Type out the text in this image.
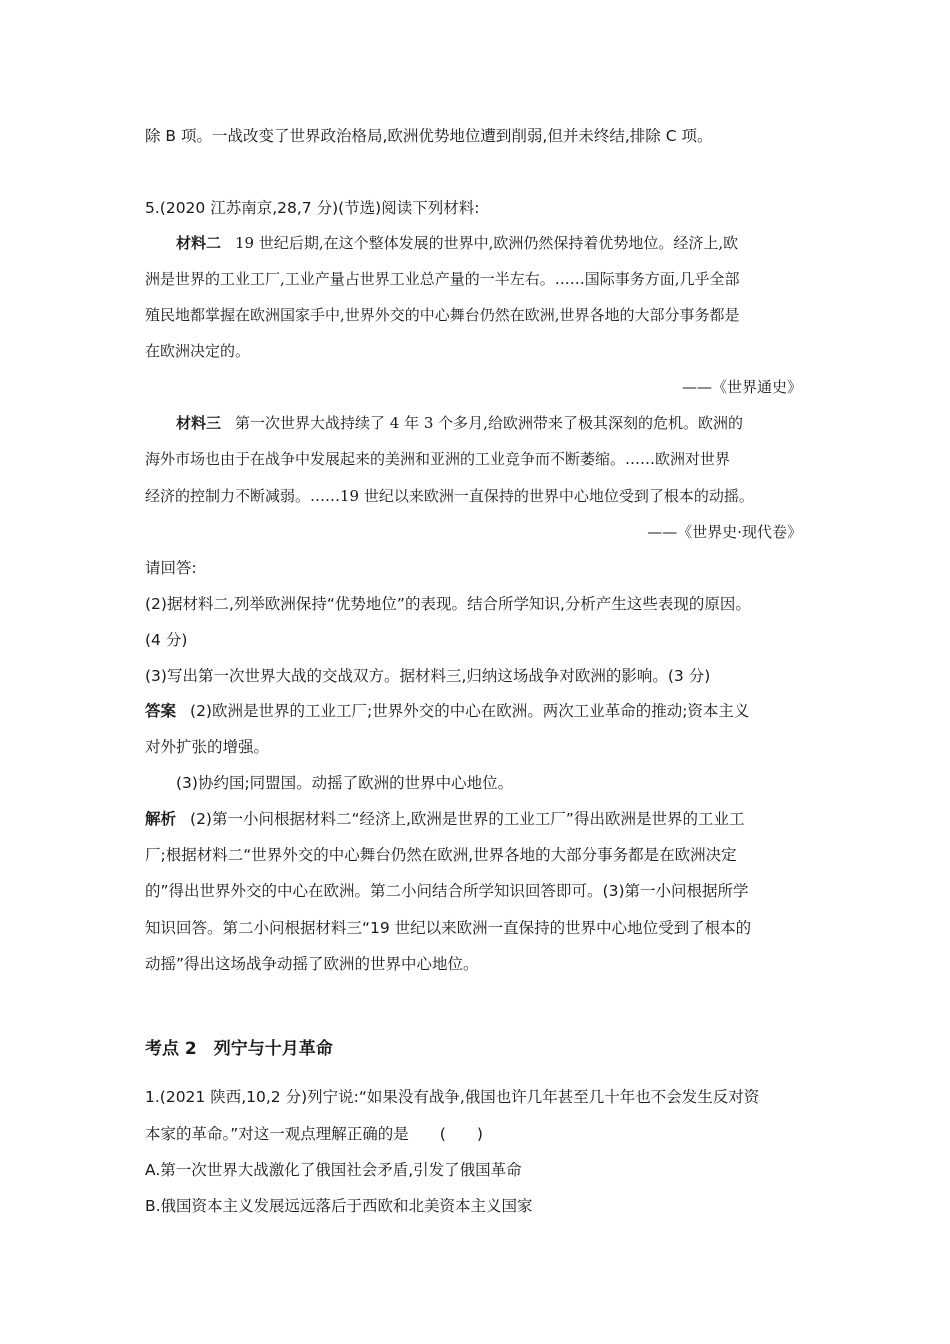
除 B 项。一战改变了世界政治格局,欧洲优势地位遭到削弱,但并未终结,排除 C 项。
5.(2020 江苏南京,28,7 分)(节选)阅读下列材料:
材料二 19 世纪后期,在这个整体发展的世界中,欧洲仍然保持着优势地位。经济上,欧
洲是世界的工业工厂,工业产量占世界工业总产量的一半左右。……国际事务方面,几乎全部
殖民地都掌握在欧洲国家手中,世界外交的中心舞台仍然在欧洲,世界各地的大部分事务都是
在欧洲决定的。
——《世界通史》
材料三 第一次世界大战持续了 4 年 3 个多月,给欧洲带来了极其深刻的危机。欧洲的
海外市场也由于在战争中发展起来的美洲和亚洲的工业竞争而不断萎缩。……欧洲对世界
经济的控制力不断减弱。……19 世纪以来欧洲一直保持的世界中心地位受到了根本的动摇。
——《世界史·现代卷》
请回答:
(2)据材料二,列举欧洲保持“优势地位”的表现。结合所学知识,分析产生这些表现的原因。
(4 分)
(3)写出第一次世界大战的交战双方。据材料三,归纳这场战争对欧洲的影响。(3 分)
答案 (2)欧洲是世界的工业工厂;世界外交的中心在欧洲。两次工业革命的推动;资本主义
对外扩张的增强。
(3)协约国;同盟国。动摇了欧洲的世界中心地位。
解析 (2)第一小问根据材料二“经济上,欧洲是世界的工业工厂”得出欧洲是世界的工业工
厂;根据材料二“世界外交的中心舞台仍然在欧洲,世界各地的大部分事务都是在欧洲决定
的”得出世界外交的中心在欧洲。第二小问结合所学知识回答即可。(3)第一小问根据所学
知识回答。第二小问根据材料三“19 世纪以来欧洲一直保持的世界中心地位受到了根本的
动摇”得出这场战争动摇了欧洲的世界中心地位。
考点 2　列宁与十月革命
1.(2021 陕西,10,2 分)列宁说:“如果没有战争,俄国也许几年甚至几十年也不会发生反对资
本家的革命。”对这一观点理解正确的是　　(　　)
A.第一次世界大战激化了俄国社会矛盾,引发了俄国革命
B.俄国资本主义发展远远落后于西欧和北美资本主义国家
